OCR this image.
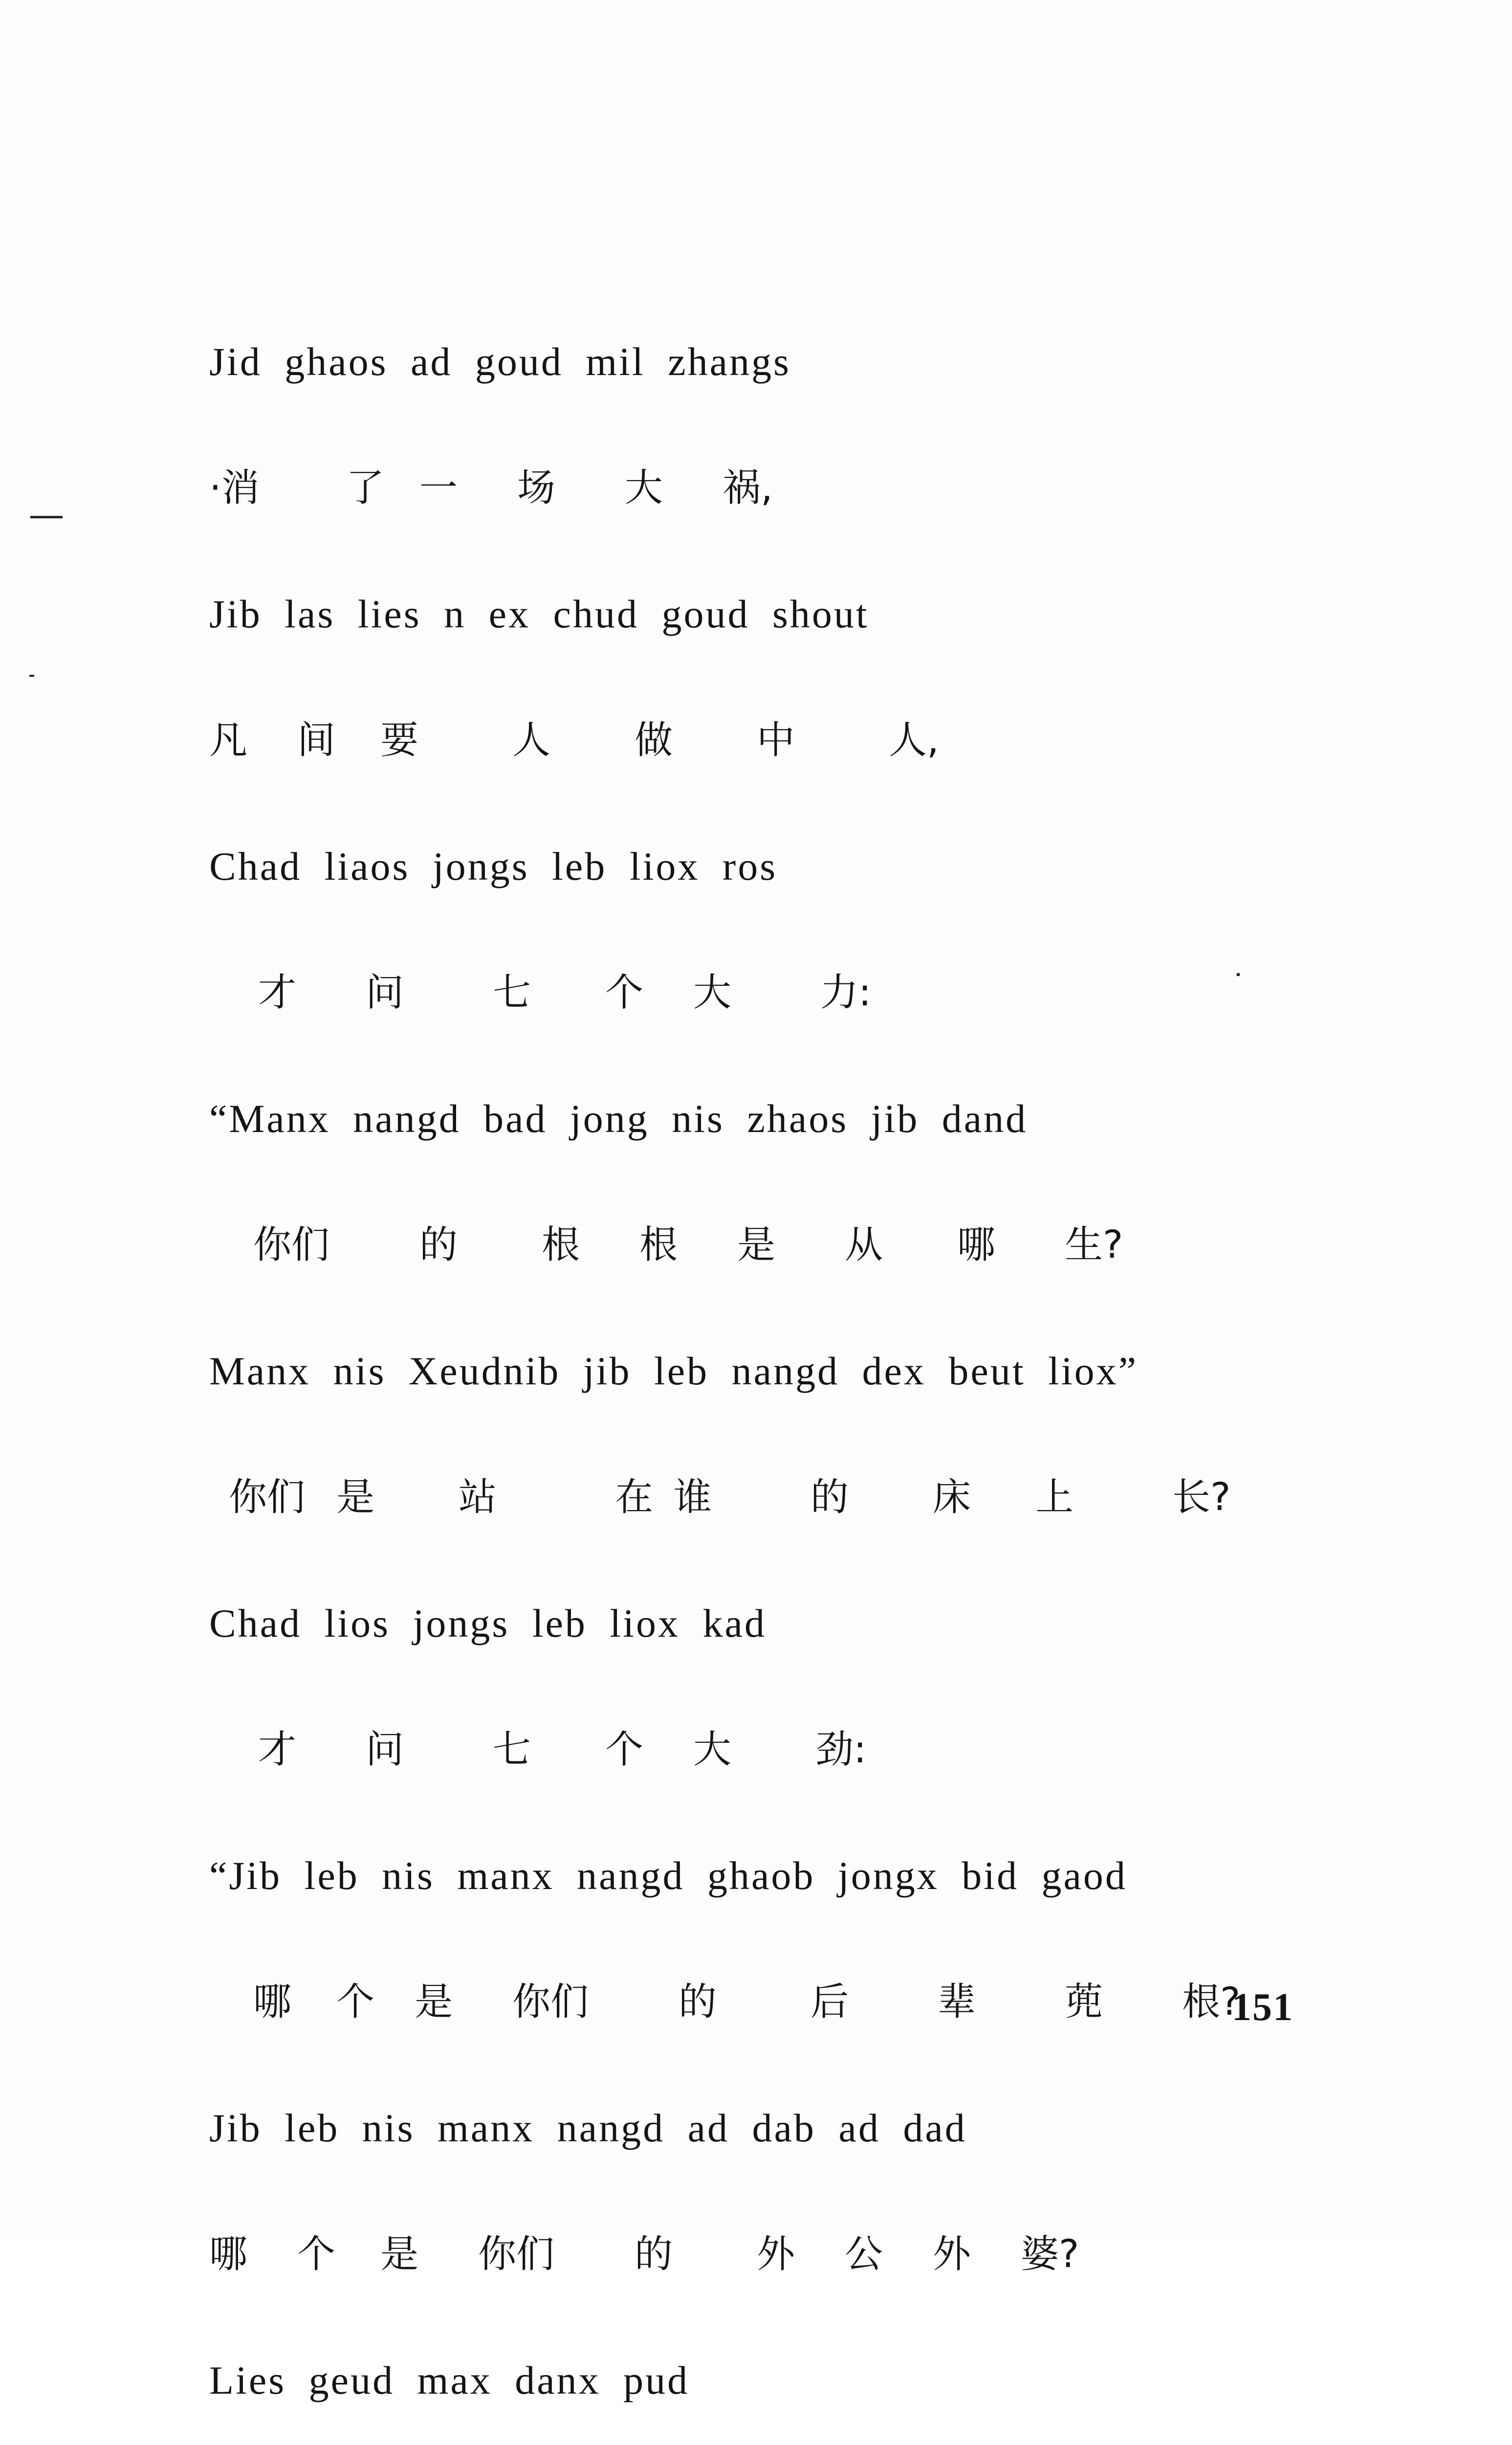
Jid ghaos ad goud mil zhangs
·消 了 一 场 大 祸,
Jib las lies n ex chud goud shout
凡 间 要 人 做 中 人,
Chad liaos jongs leb liox ros
才 问 七 个 大 力:
“Manx nangd bad jong nis zhaos jib dand
你们 的 根 根 是 从 哪 生?
Manx nis Xeudnib jib leb nangd dex beut liox”
你们 是 站	在 谁	的 床 上	长?
Chad lios jongs leb liox kad
才 问 七 个 大 劲:
“Jib leb nis manx nangd ghaob jongx bid gaod
哪 个 是 你们 的 后 辈 蔸 根?
Jib leb nis manx nangd ad dab ad dad
哪 个 是 你们 的 外 公 外 婆?
Lies geud max danx pud
151
